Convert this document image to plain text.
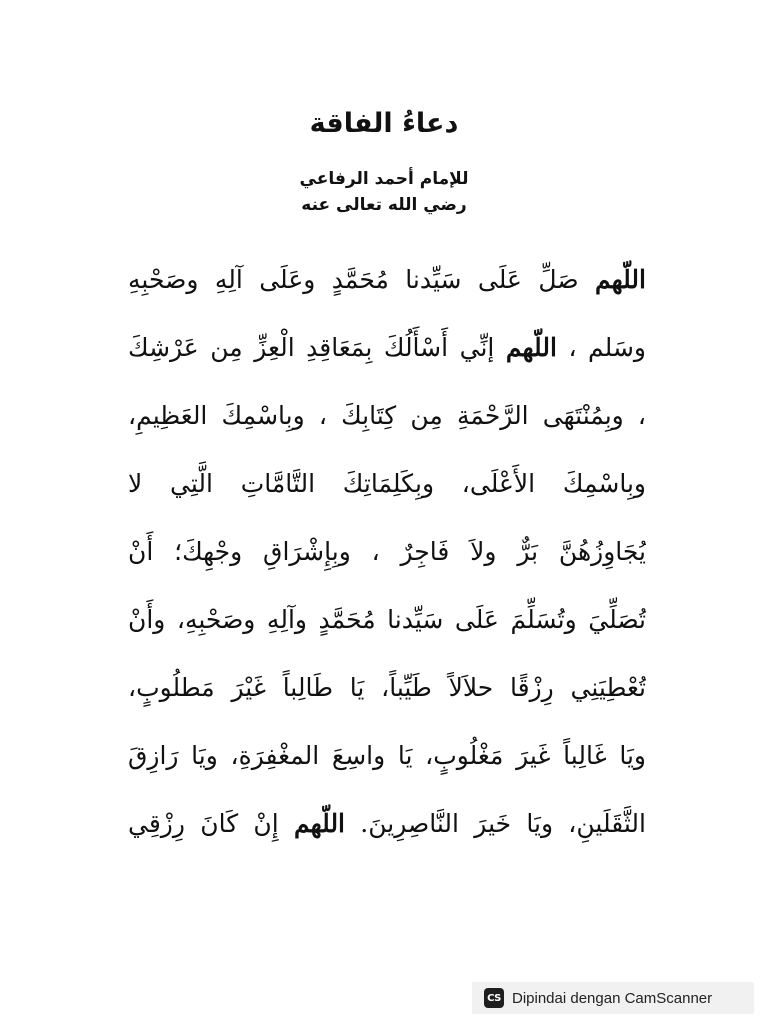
دعاءُ الفاقة
للإمام أحمد الرفاعي
رضي الله تعالى عنه
اللّهم صَلِّ عَلَى سَيِّدنا مُحَمَّدٍ وعَلَى آلِهِ وصَحْبِهِ
وسَلم ، اللّهم إنِّي أَسْأَلُكَ بِمَعَاقِدِ الْعِزِّ مِن عَرْشِكَ
، وبِمُنْتَهَى الرَّحْمَةِ مِن كِتَابِكَ ، وبِاسْمِكَ العَظِيمِ،
وبِاسْمِكَ الأَعْلَى، وبِكَلِمَاتِكَ التَّامَّاتِ الَّتِي لا
يُجَاوِزُهُنَّ بَرٌّ ولاَ فَاجِرٌ ، وبِإِشْرَاقِ وجْهِكَ؛ أَنْ
تُصَلِّيَ وتُسَلِّمَ عَلَى سَيِّدنا مُحَمَّدٍ وآلِهِ وصَحْبِهِ، وأَنْ
تُعْطِيَنِي رِزْقًا حلاَلاً طَيِّباً، يَا طَالِباً غَيْرَ مَطلُوبٍ،
ويَا غَالِباً غَيرَ مَغْلُوبٍ، يَا واسِعَ المغْفِرَةِ، ويَا رَازِقَ
الثَّقَلَينِ، ويَا خَيرَ النَّاصِرِينَ. اللّهم إِنْ كَانَ رِزْقِي
CS Dipindai dengan CamScanner
